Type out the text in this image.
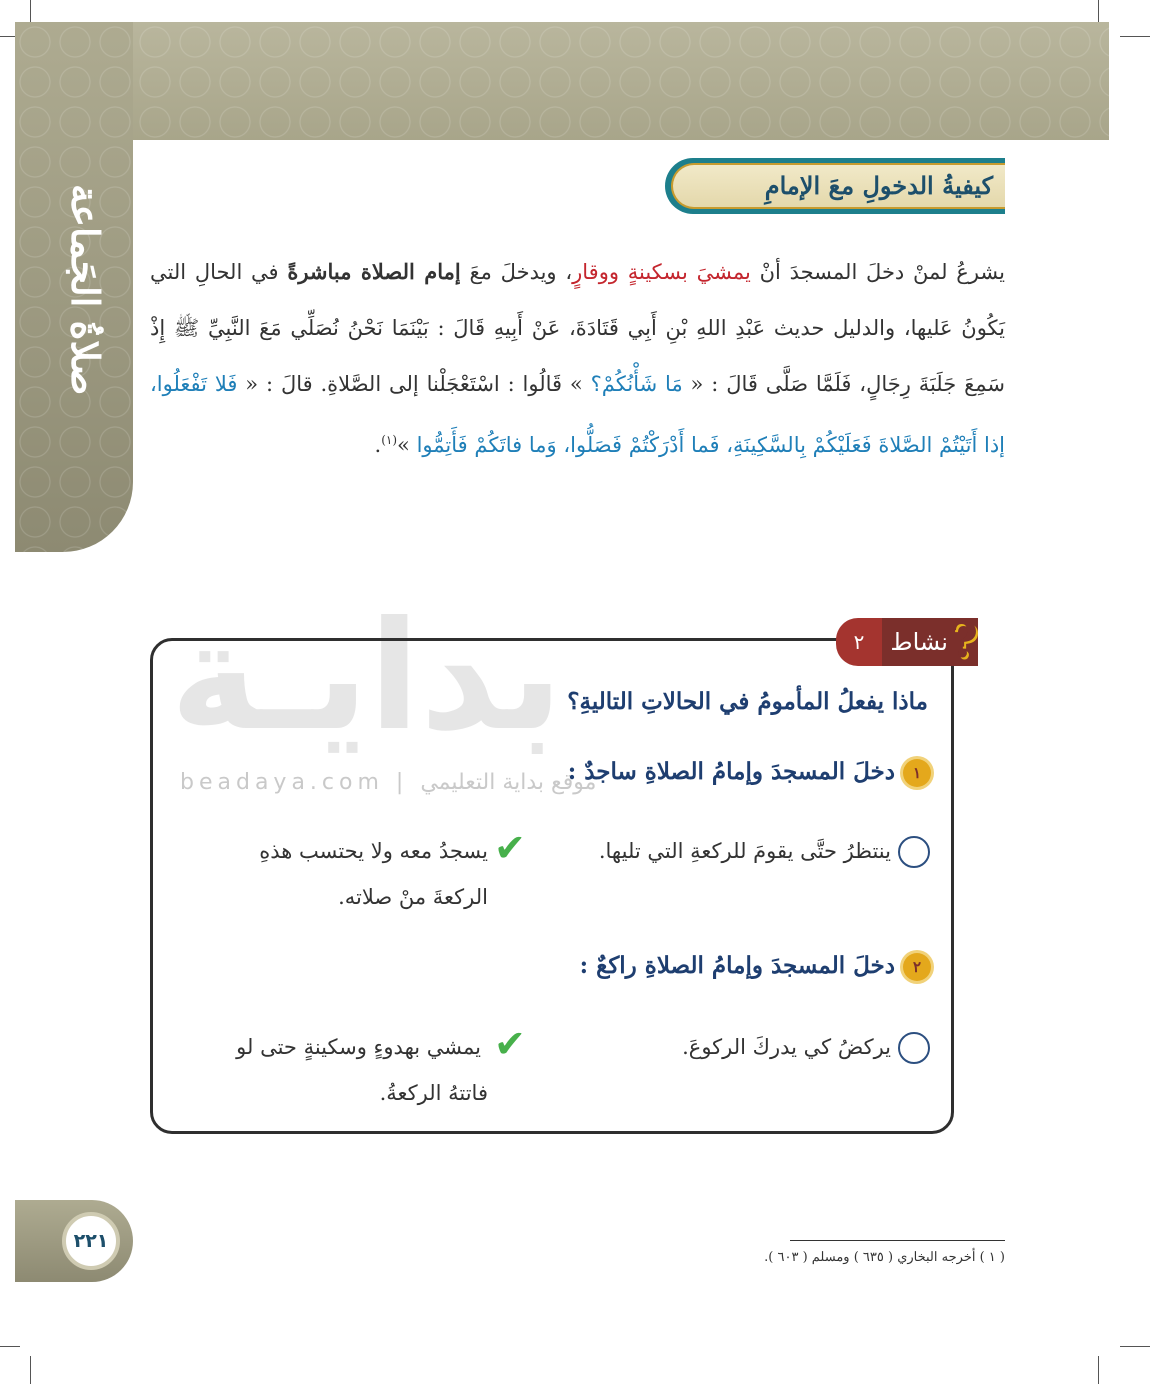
صلاةُ الجَماعة	كيفيةُ الدخولِ معَ الإمامِ
يشرعُ لمنْ دخلَ المسجدَ أنْ يمشيَ بسكينةٍ ووقارٍ، ويدخلَ معَ إمام الصلاة مباشرةً في الحالِ التي يَكُونُ عَليها، والدليل حديث عَبْدِ اللهِ بْنِ أَبِي قَتَادَةَ، عَنْ أَبِيهِ قَالَ : بَيْنَمَا نَحْنُ نُصَلِّي مَعَ النَّبِيِّ ﷺ إِذْ سَمِعَ جَلَبَةَ رِجَالٍ، فَلَمَّا صَلَّى قَالَ : « مَا شَأْنُكُمْ؟ » قَالُوا : اسْتَعْجَلْنا إلى الصَّلاةِ. قالَ : « فَلا تَفْعَلُوا، إذا أَتَيْتُمْ الصَّلاةَ فَعَلَيْكُمْ بِالسَّكِينَةِ، فَما أَدْرَكْتُمْ فَصَلُّوا، وَما فاتَكُمْ فَأَتِمُّوا »$^{(١)}$.
بدايـة
beadaya.com | موقع بداية التعليمي
٢	نشاط ?
ماذا يفعلُ المأمومُ في الحالاتِ التاليةِ؟
١دخلَ المسجدَ وإمامُ الصلاةِ ساجدٌ :
ينتظرُ حتَّى يقومَ للركعةِ التي تليها.
✔
يسجدُ معه ولا يحتسب هذهِ
الركعةَ منْ صلاته.
٢دخلَ المسجدَ وإمامُ الصلاةِ راكعٌ :
يركضُ كي يدركَ الركوعَ.
✔
يمشي بهدوءٍ وسكينةٍ حتى لو
فاتتهُ الركعةُ.
( ١ ) أخرجه البخاري ( ٦٣٥ ) ومسلم ( ٦٠٣ ).
٢٢١
